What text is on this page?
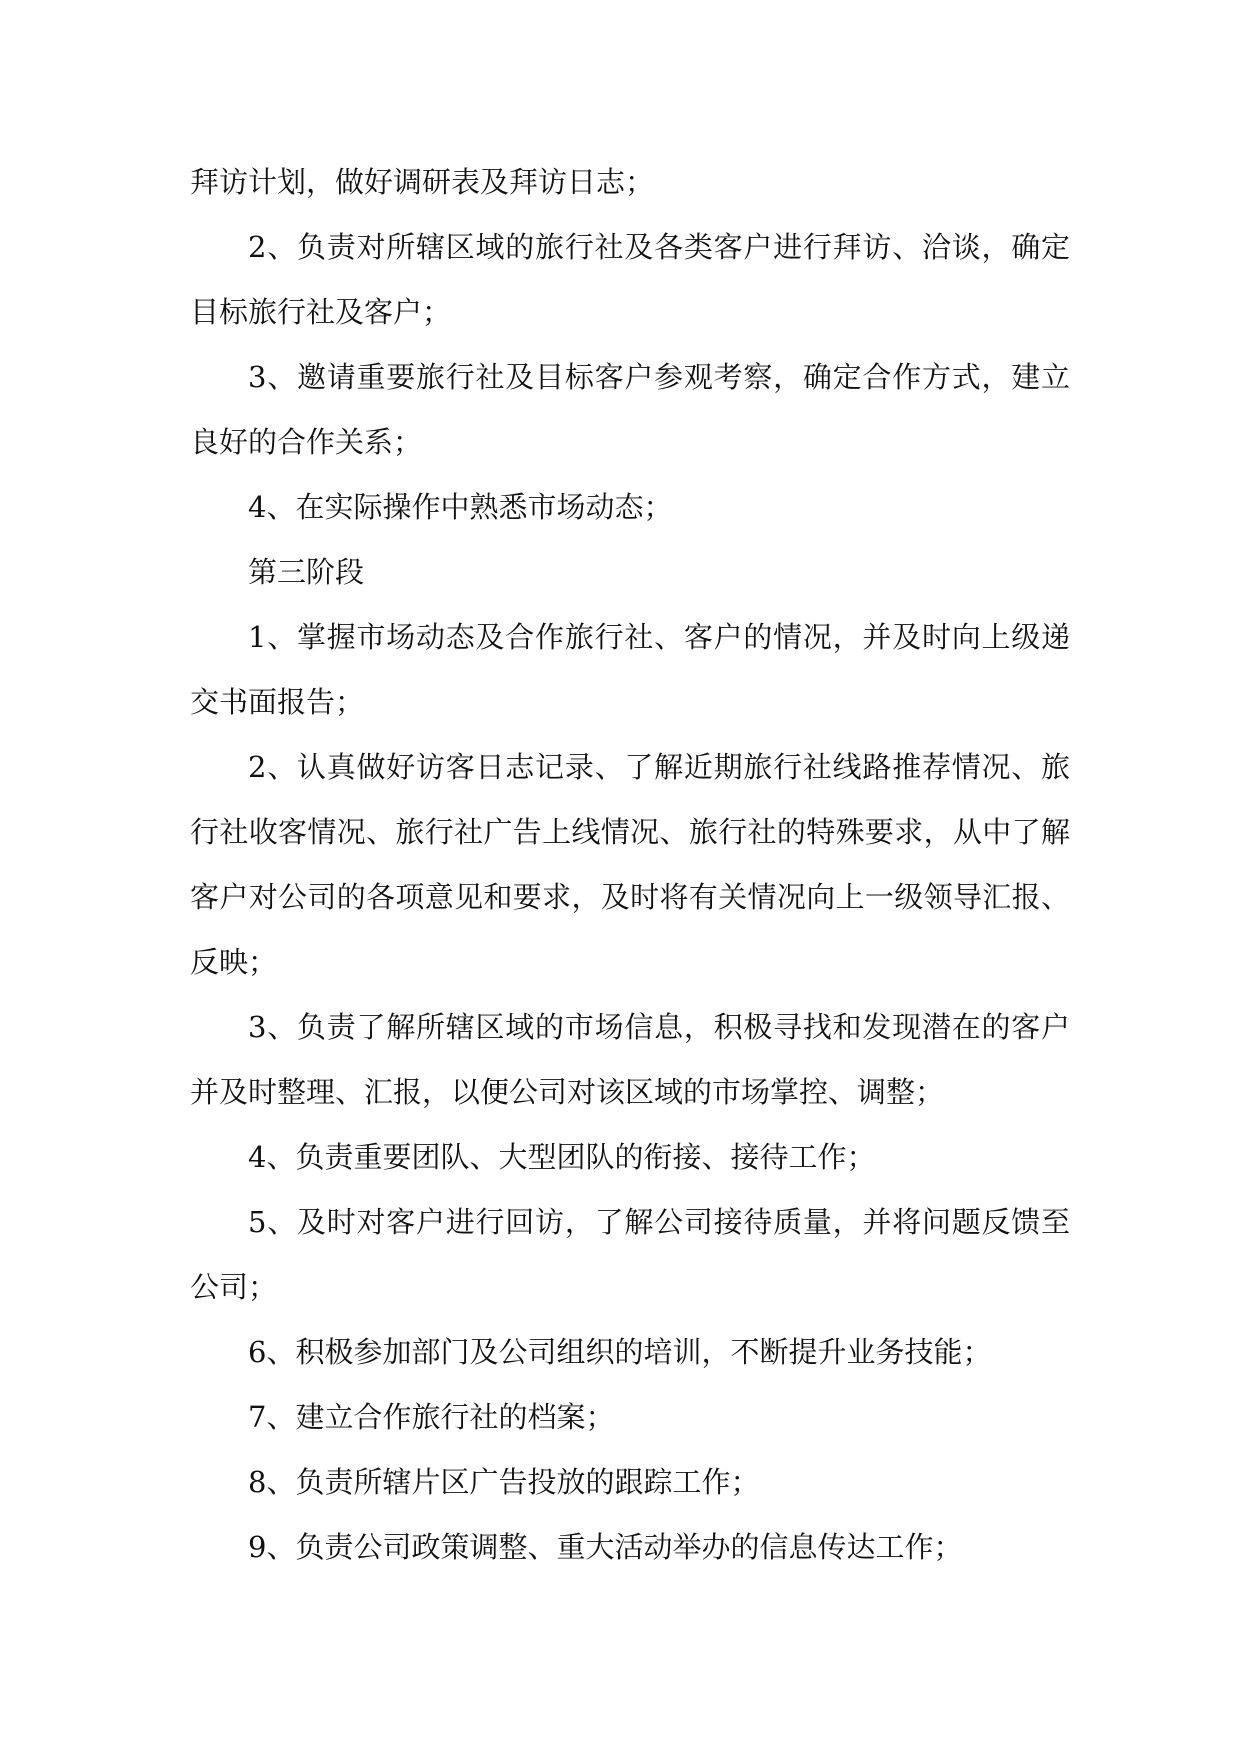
拜访计划，做好调研表及拜访日志；

2、负责对所辖区域的旅行社及各类客户进行拜访、洽谈，确定目标旅行社及客户；

3、邀请重要旅行社及目标客户参观考察，确定合作方式，建立良好的合作关系；

4、在实际操作中熟悉市场动态；

第三阶段

1、掌握市场动态及合作旅行社、客户的情况，并及时向上级递交书面报告；

2、认真做好访客日志记录、了解近期旅行社线路推荐情况、旅行社收客情况、旅行社广告上线情况、旅行社的特殊要求，从中了解客户对公司的各项意见和要求，及时将有关情况向上一级领导汇报、反映；

3、负责了解所辖区域的市场信息，积极寻找和发现潜在的客户并及时整理、汇报，以便公司对该区域的市场掌控、调整；

4、负责重要团队、大型团队的衔接、接待工作；

5、及时对客户进行回访，了解公司接待质量，并将问题反馈至公司；

6、积极参加部门及公司组织的培训，不断提升业务技能；

7、建立合作旅行社的档案；

8、负责所辖片区广告投放的跟踪工作；

9、负责公司政策调整、重大活动举办的信息传达工作；
